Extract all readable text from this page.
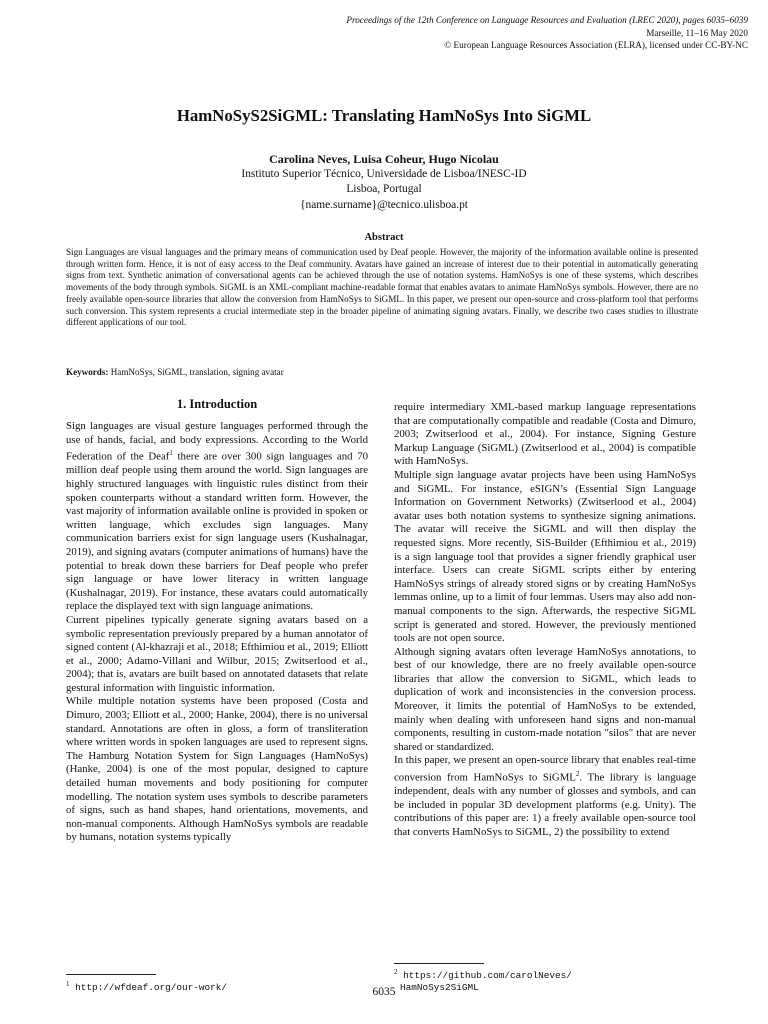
Proceedings of the 12th Conference on Language Resources and Evaluation (LREC 2020), pages 6035–6039
Marseille, 11–16 May 2020
© European Language Resources Association (ELRA), licensed under CC-BY-NC
HamNoSyS2SiGML: Translating HamNoSys Into SiGML
Carolina Neves, Luisa Coheur, Hugo Nicolau
Instituto Superior Técnico, Universidade de Lisboa/INESC-ID
Lisboa, Portugal
{name.surname}@tecnico.ulisboa.pt
Abstract
Sign Languages are visual languages and the primary means of communication used by Deaf people. However, the majority of the information available online is presented through written form. Hence, it is not of easy access to the Deaf community. Avatars have gained an increase of interest due to their potential in automatically generating signs from text. Synthetic animation of conversational agents can be achieved through the use of notation systems. HamNoSys is one of these systems, which describes movements of the body through symbols. SiGML is an XML-compliant machine-readable format that enables avatars to animate HamNoSys symbols. However, there are no freely available open-source libraries that allow the conversion from HamNoSys to SiGML. In this paper, we present our open-source and cross-platform tool that performs such conversion. This system represents a crucial intermediate step in the broader pipeline of animating signing avatars. Finally, we describe two cases studies to illustrate different applications of our tool.
Keywords: HamNoSys, SiGML, translation, signing avatar
1. Introduction

Sign languages are visual gesture languages performed through the use of hands, facial, and body expressions. According to the World Federation of the Deaf$^1$ there are over 300 sign languages and 70 million deaf people using them around the world. Sign languages are highly structured languages with linguistic rules distinct from their spoken counterparts without a standard written form. However, the vast majority of information available online is provided in spoken or written language, which excludes sign languages. Many communication barriers exist for sign language users (Kushalnagar, 2019), and signing avatars (computer animations of humans) have the potential to break down these barriers for Deaf people who prefer sign language or have lower literacy in written language (Kushalnagar, 2019). For instance, these avatars could automatically replace the displayed text with sign language animations.

Current pipelines typically generate signing avatars based on a symbolic representation previously prepared by a human annotator of signed content (Al-khazraji et al., 2018; Efthimiou et al., 2019; Elliott et al., 2000; Adamo-Villani and Wilbur, 2015; Zwitserlood et al., 2004); that is, avatars are built based on annotated datasets that relate gestural information with linguistic information.

While multiple notation systems have been proposed (Costa and Dimuro, 2003; Elliott et al., 2000; Hanke, 2004), there is no universal standard. Annotations are often in gloss, a form of transliteration where written words in spoken languages are used to represent signs. The Hamburg Notation System for Sign Languages (HamNoSys) (Hanke, 2004) is one of the most popular, designed to capture detailed human movements and body positioning for computer modelling. The notation system uses symbols to describe parameters of signs, such as hand shapes, hand orientations, movements, and non-manual components. Although HamNoSys symbols are readable by humans, notation systems typically

require intermediary XML-based markup language representations that are computationally compatible and readable (Costa and Dimuro, 2003; Zwitserlood et al., 2004). For instance, Signing Gesture Markup Language (SiGML) (Zwitserlood et al., 2004) is compatible with HamNoSys.

Multiple sign language avatar projects have been using HamNoSys and SiGML. For instance, eSIGN’s (Essential Sign Language Information on Government Networks) (Zwitserlood et al., 2004) avatar uses both notation systems to synthesize signing animations. The avatar will receive the SiGML and will then display the requested signs. More recently, SiS-Builder (Efthimiou et al., 2019) is a sign language tool that provides a signer friendly graphical user interface. Users can create SiGML scripts either by entering HamNoSys strings of already stored signs or by creating HamNoSys lemmas online, up to a limit of four lemmas. Users may also add non-manual components to the sign. Afterwards, the respective SiGML script is generated and stored. However, the previously mentioned tools are not open source.

Although signing avatars often leverage HamNoSys annotations, to best of our knowledge, there are no freely available open-source libraries that allow the conversion to SiGML, which leads to duplication of work and inconsistencies in the conversion process. Moreover, it limits the potential of HamNoSys to be extended, mainly when dealing with unforeseen hand signs and non-manual components, resulting in custom-made notation "silos" that are never shared or standardized.

In this paper, we present an open-source library that enables real-time conversion from HamNoSys to SiGML$^2$. The library is language independent, deals with any number of glosses and symbols, and can be included in popular 3D development platforms (e.g. Unity). The contributions of this paper are: 1) a freely available open-source tool that converts HamNoSys to SiGML, 2) the possibility to extend

$^1$ http://wfdeaf.org/our-work/
$^2$ https://github.com/carolNeves/
HamNoSys2SiGML
6035
